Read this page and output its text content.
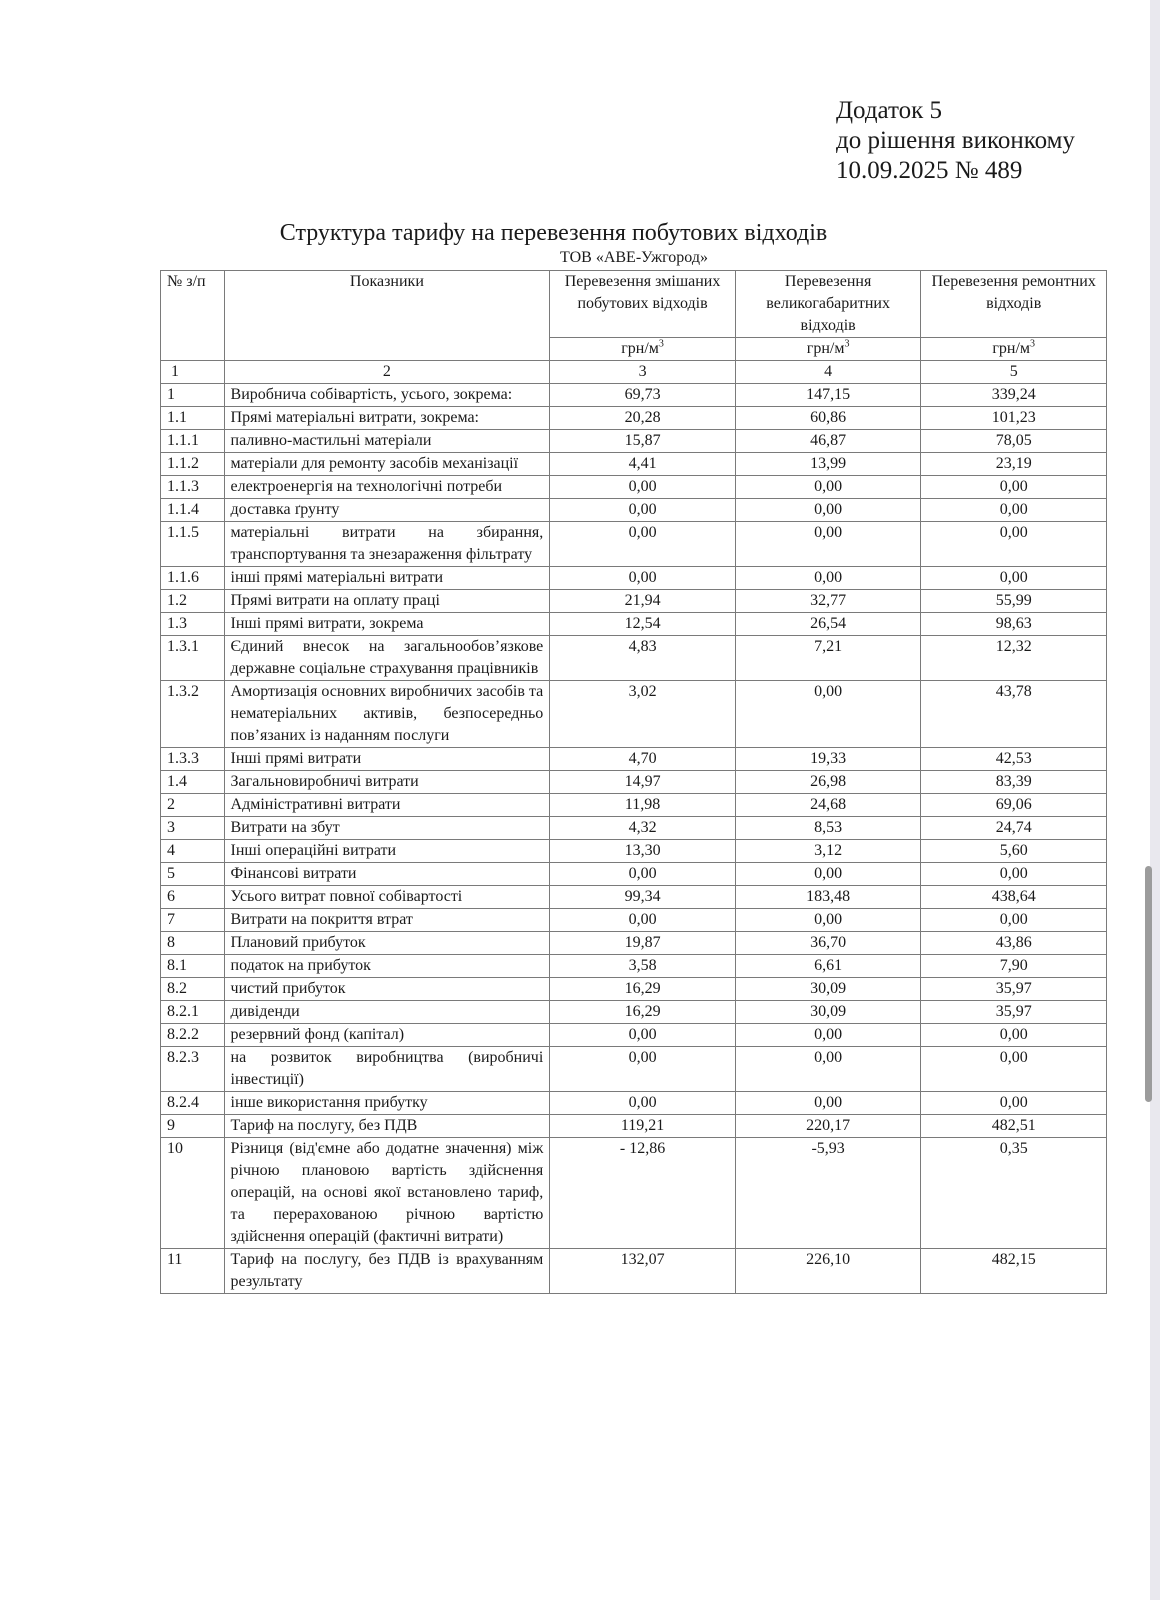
Додаток 5
до рішення виконкому
10.09.2025 № 489
Структура тарифу на перевезення побутових відходів
ТОВ «АВЕ-Ужгород»
№ з/п	Показники	Перевезення змішаних побутових відходів	Перевезення великогабаритних відходів	Перевезення ремонтних відходів
		грн/$м^3$	грн/$м^3$	грн/$м^3$
1	2	3	4	5
1	Виробнича собівартість, усього, зокрема:	69,73	147,15	339,24
1.1	Прямі матеріальні витрати, зокрема:	20,28	60,86	101,23
1.1.1	паливно-мастильні матеріали	15,87	46,87	78,05
1.1.2	матеріали для ремонту засобів механізації	4,41	13,99	23,19
1.1.3	електроенергія на технологічні потреби	0,00	0,00	0,00
1.1.4	доставка ґрунту	0,00	0,00	0,00
1.1.5	матеріальні витрати на збирання, транспортування та знезараження фільтрату	0,00	0,00	0,00
1.1.6	інші прямі матеріальні витрати	0,00	0,00	0,00
1.2	Прямі витрати на оплату праці	21,94	32,77	55,99
1.3	Інші прямі витрати, зокрема	12,54	26,54	98,63
1.3.1	Єдиний внесок на загальнообов’язкове державне соціальне страхування працівників	4,83	7,21	12,32
1.3.2	Амортизація основних виробничих засобів та нематеріальних активів, безпосередньо пов’язаних із наданням послуги	3,02	0,00	43,78
1.3.3	Інші прямі витрати	4,70	19,33	42,53
1.4	Загальновиробничі витрати	14,97	26,98	83,39
2	Адміністративні витрати	11,98	24,68	69,06
3	Витрати на збут	4,32	8,53	24,74
4	Інші операційні витрати	13,30	3,12	5,60
5	Фінансові витрати	0,00	0,00	0,00
6	Усього витрат повної собівартості	99,34	183,48	438,64
7	Витрати на покриття втрат	0,00	0,00	0,00
8	Плановий прибуток	19,87	36,70	43,86
8.1	податок на прибуток	3,58	6,61	7,90
8.2	чистий прибуток	16,29	30,09	35,97
8.2.1	дивіденди	16,29	30,09	35,97
8.2.2	резервний фонд (капітал)	0,00	0,00	0,00
8.2.3	на розвиток виробництва (виробничі інвестиції)	0,00	0,00	0,00
8.2.4	інше використання прибутку	0,00	0,00	0,00
9	Тариф на послугу, без ПДВ	119,21	220,17	482,51
10	Різниця (від'ємне або додатне значення) між річною плановою вартість здійснення операцій, на основі якої встановлено тариф, та перерахованою річною вартістю здійснення операцій (фактичні витрати)	- 12,86	-5,93	0,35
11	Тариф на послугу, без ПДВ із врахуванням результату	132,07	226,10	482,15
